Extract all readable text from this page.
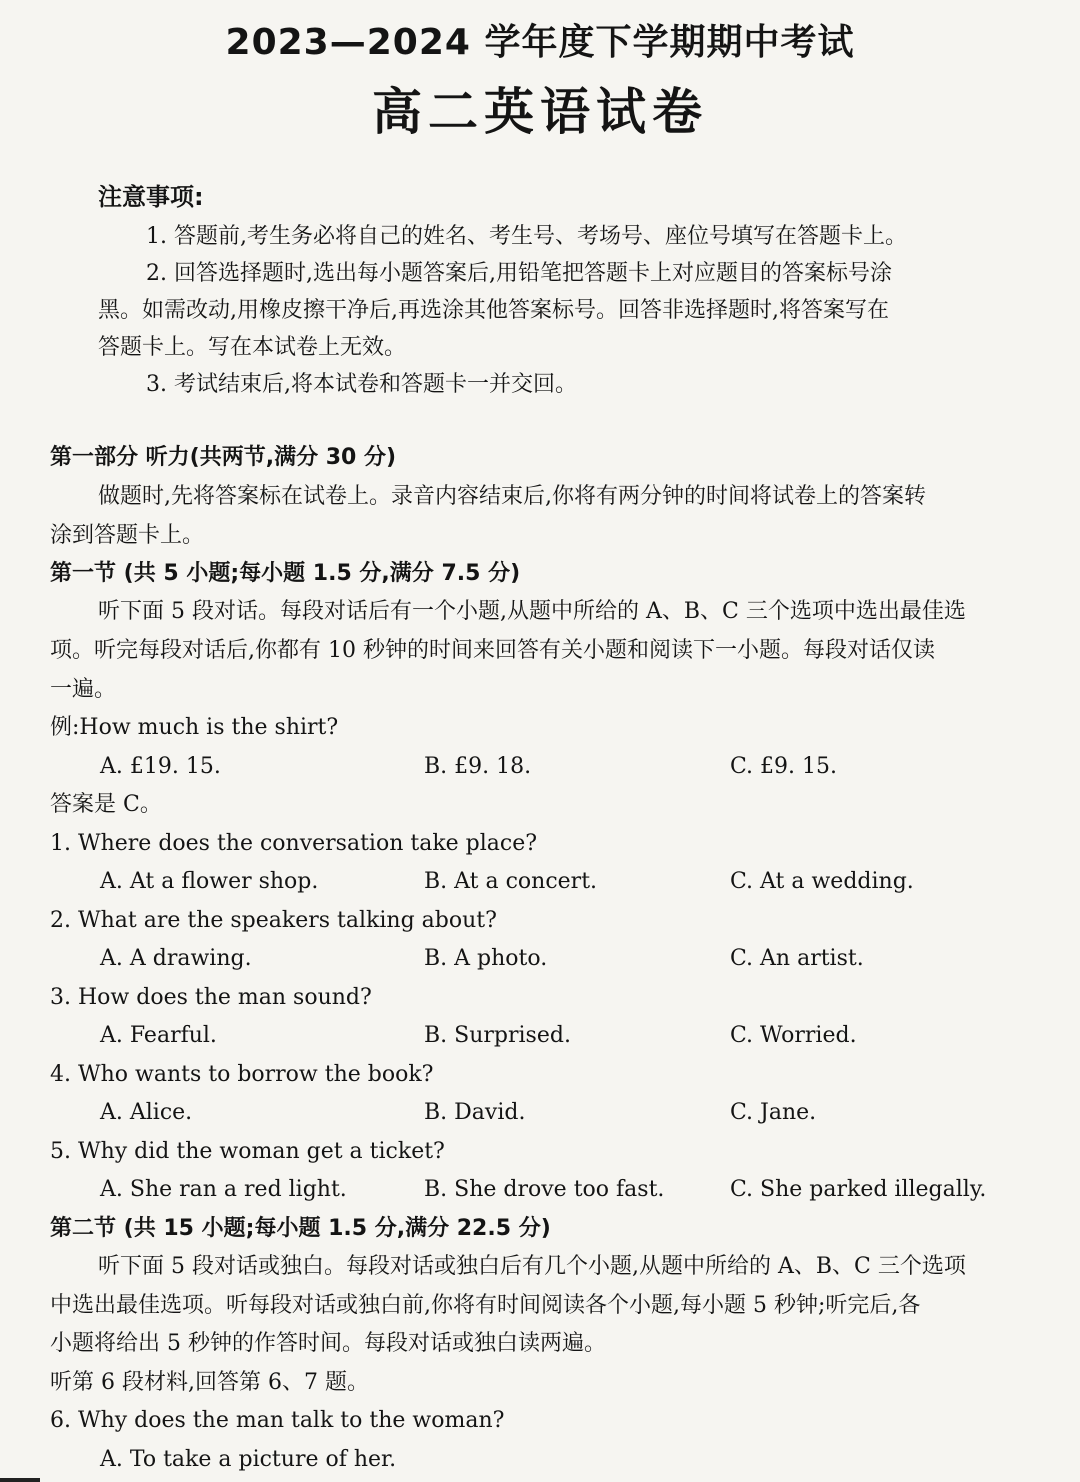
2023—2024 学年度下学期期中考试
高二英语试卷
注意事项:
1. 答题前,考生务必将自己的姓名、考生号、考场号、座位号填写在答题卡上。
2. 回答选择题时,选出每小题答案后,用铅笔把答题卡上对应题目的答案标号涂
黑。如需改动,用橡皮擦干净后,再选涂其他答案标号。回答非选择题时,将答案写在
答题卡上。写在本试卷上无效。
3. 考试结束后,将本试卷和答题卡一并交回。
第一部分 听力(共两节,满分 30 分)
做题时,先将答案标在试卷上。录音内容结束后,你将有两分钟的时间将试卷上的答案转
涂到答题卡上。
第一节 (共 5 小题;每小题 1.5 分,满分 7.5 分)
听下面 5 段对话。每段对话后有一个小题,从题中所给的 A、B、C 三个选项中选出最佳选
项。听完每段对话后,你都有 10 秒钟的时间来回答有关小题和阅读下一小题。每段对话仅读
一遍。
例:How much is the shirt?
A. £19. 15.	B. £9. 18.	C. £9. 15.
答案是 C。
1. Where does the conversation take place?
A. At a flower shop.	B. At a concert.	C. At a wedding.
2. What are the speakers talking about?
A. A drawing.	B. A photo.	C. An artist.
3. How does the man sound?
A. Fearful.	B. Surprised.	C. Worried.
4. Who wants to borrow the book?
A. Alice.	B. David.	C. Jane.
5. Why did the woman get a ticket?
A. She ran a red light.	B. She drove too fast.	C. She parked illegally.
第二节 (共 15 小题;每小题 1.5 分,满分 22.5 分)
听下面 5 段对话或独白。每段对话或独白后有几个小题,从题中所给的 A、B、C 三个选项
中选出最佳选项。听每段对话或独白前,你将有时间阅读各个小题,每小题 5 秒钟;听完后,各
小题将给出 5 秒钟的作答时间。每段对话或独白读两遍。
听第 6 段材料,回答第 6、7 题。
6. Why does the man talk to the woman?
A. To take a picture of her.
